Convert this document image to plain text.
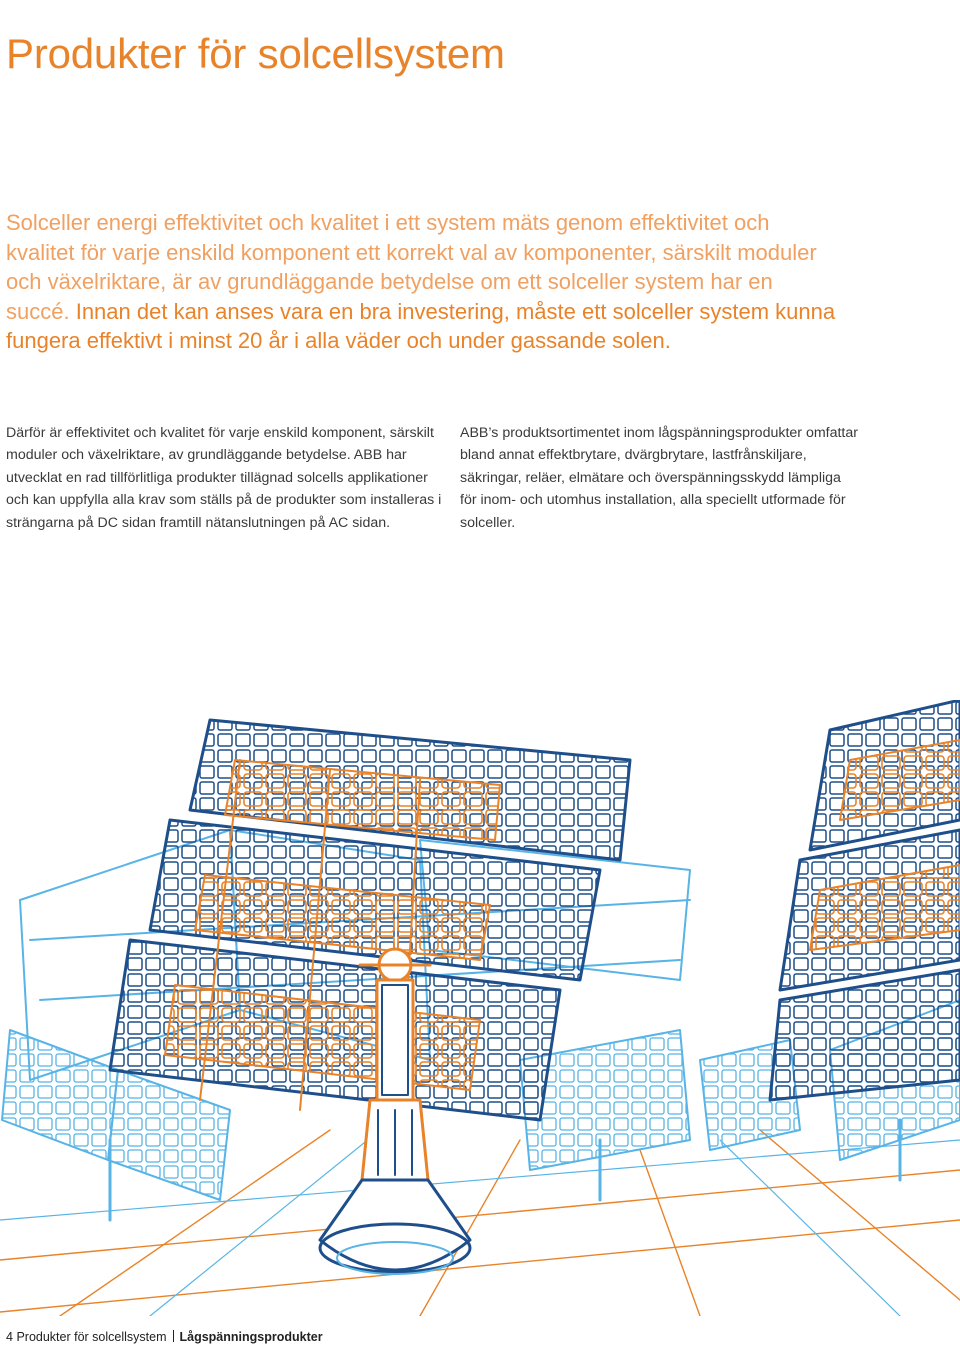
Produkter för solcellsystem

Solceller energi effektivitet och kvalitet i ett system mäts genom effektivitet och kvalitet för varje enskild komponent ett korrekt val av komponenter, särskilt moduler och växelriktare, är av grundläggande betydelse om ett solceller system har en succé. Innan det kan anses vara en bra investering, måste ett solceller system kunna fungera effektivt i minst 20 år i alla väder och under gassande solen.

Därför är effektivitet och kvalitet för varje enskild komponent, särskilt moduler och växelriktare, av grundläggande betydelse. ABB har utvecklat en rad tillförlitliga produkter tillägnad solcells applikationer och kan uppfylla alla krav som ställs på de produkter som installeras i strängarna på DC sidan framtill nätanslutningen på AC sidan.

ABB’s produktsortimentet inom lågspänningsprodukter omfattar bland annat effektbrytare, dvärgbrytare, lastfrånskiljare, säkringar, reläer, elmätare och överspänningsskydd lämpliga för inom- och utomhus installation, alla speciellt utformade för solceller.

4 Produkter för solcellsystem Lågspänningsprodukter
